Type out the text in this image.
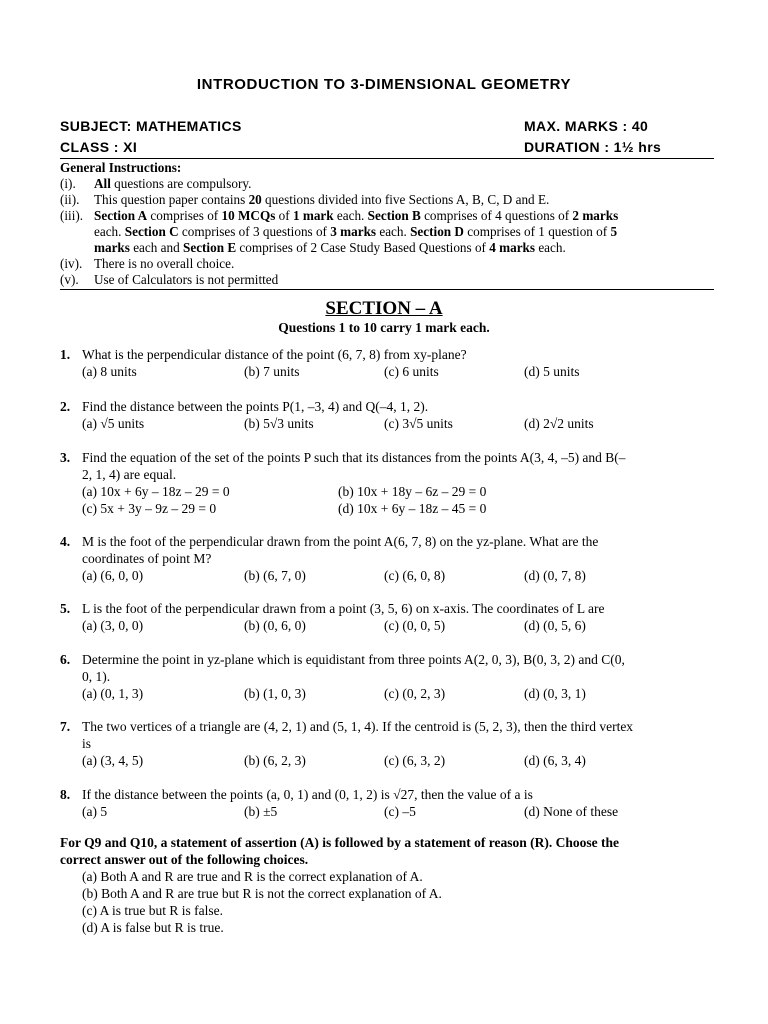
INTRODUCTION TO 3-DIMENSIONAL GEOMETRY
SUBJECT: MATHEMATICS	MAX. MARKS : 40
CLASS : XI	DURATION : 1½ hrs
General Instructions:
(i).	All questions are compulsory.
(ii).	This question paper contains 20 questions divided into five Sections A, B, C, D and E.
(iii). Section A comprises of 10 MCQs of 1 mark each. Section B comprises of 4 questions of 2 marks
each. Section C comprises of 3 questions of 3 marks each. Section D comprises of 1 question of 5
marks each and Section E comprises of 2 Case Study Based Questions of 4 marks each.
(iv). There is no overall choice.
(v).	Use of Calculators is not permitted
SECTION – A
Questions 1 to 10 carry 1 mark each.
1. What is the perpendicular distance of the point (6, 7, 8) from xy-plane?
(a) 8 units	(b) 7 units	(c) 6 units	(d) 5 units
2. Find the distance between the points P(1, –3, 4) and Q(–4, 1, 2).
(a) √5 units	(b) 5√3 units	(c) 3√5 units	(d) 2√2 units
3. Find the equation of the set of the points P such that its distances from the points A(3, 4, –5) and B(–
2, 1, 4) are equal.
(a) 10x + 6y – 18z – 29 = 0	(b) 10x + 18y – 6z – 29 = 0
(c) 5x + 3y – 9z – 29 = 0	(d) 10x + 6y – 18z – 45 = 0
4. M is the foot of the perpendicular drawn from the point A(6, 7, 8) on the yz-plane. What are the
coordinates of point M?
(a) (6, 0, 0)	(b) (6, 7, 0)	(c) (6, 0, 8)	(d) (0, 7, 8)
5. L is the foot of the perpendicular drawn from a point (3, 5, 6) on x-axis. The coordinates of L are
(a) (3, 0, 0)	(b) (0, 6, 0)	(c) (0, 0, 5)	(d) (0, 5, 6)
6. Determine the point in yz-plane which is equidistant from three points A(2, 0, 3), B(0, 3, 2) and C(0,
0, 1).
(a) (0, 1, 3)	(b) (1, 0, 3)	(c) (0, 2, 3)	(d) (0, 3, 1)
7. The two vertices of a triangle are (4, 2, 1) and (5, 1, 4). If the centroid is (5, 2, 3), then the third vertex
is
(a) (3, 4, 5)	(b) (6, 2, 3)	(c) (6, 3, 2)	(d) (6, 3, 4)
8. If the distance between the points (a, 0, 1) and (0, 1, 2) is √27, then the value of a is
(a) 5	(b) ±5	(c) –5	(d) None of these
For Q9 and Q10, a statement of assertion (A) is followed by a statement of reason (R). Choose the
correct answer out of the following choices.
(a) Both A and R are true and R is the correct explanation of A.
(b) Both A and R are true but R is not the correct explanation of A.
(c) A is true but R is false.
(d) A is false but R is true.
